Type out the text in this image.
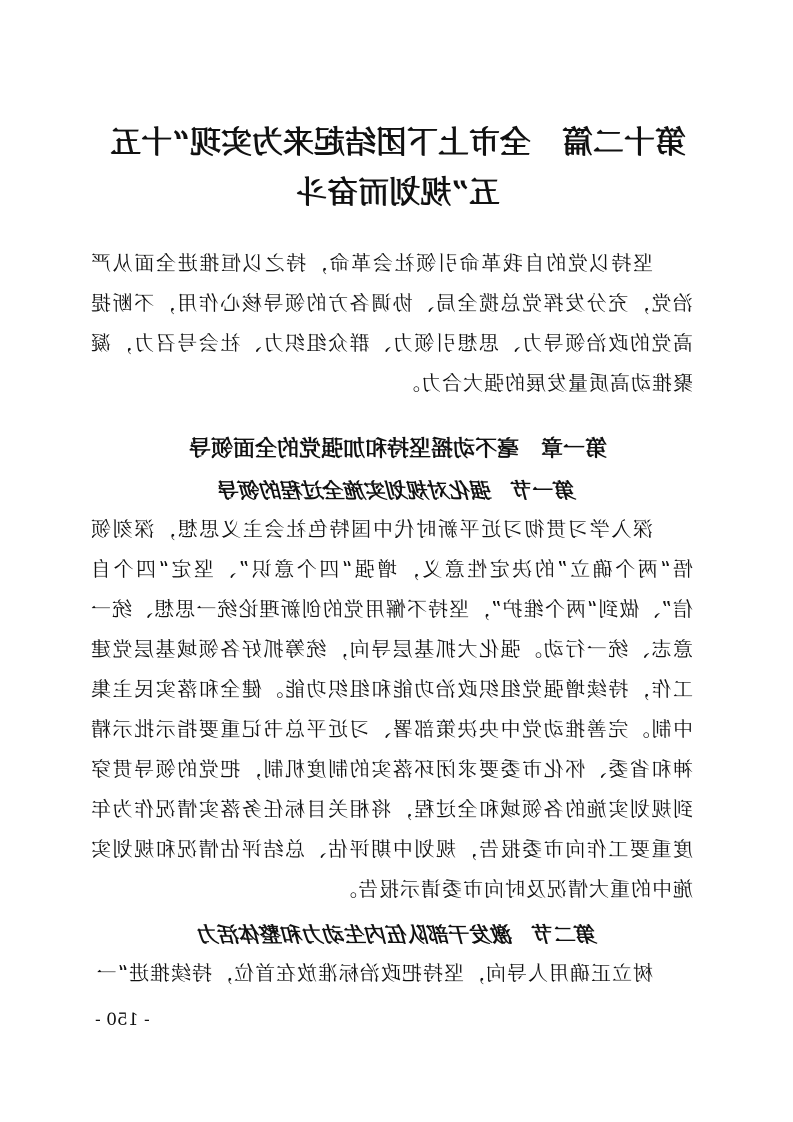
第十二篇　全市上下团结起来为实现“十五五”规划而奋斗

坚持以党的自我革命引领社会革命，持之以恒推进全面从严治党，充分发挥党总揽全局、协调各方的领导核心作用，不断提高党的政治领导力、思想引领力、群众组织力、社会号召力，凝聚推动高质量发展的强大合力。

第一章　毫不动摇坚持和加强党的全面领导
第一节　强化对规划实施全过程的领导

深入学习贯彻习近平新时代中国特色社会主义思想，深刻领悟“两个确立”的决定性意义，增强“四个意识”、坚定“四个自信”、做到“两个维护”，坚持不懈用党的创新理论统一思想、统一意志、统一行动。强化大抓基层导向，统筹抓好各领域基层党建工作，持续增强党组织政治功能和组织功能。健全和落实民主集中制。完善推动党中央决策部署、习近平总书记重要指示批示精神和省委、怀化市委要求闭环落实的制度机制，把党的领导贯穿到规划实施的各领域和全过程，将相关目标任务落实情况作为年度重要工作向市委报告，规划中期评估、总结评估情况和规划实施中的重大情况及时向市委请示报告。

第二节　激发干部队伍内生动力和整体活力

树立正确用人导向，坚持把政治标准放在首位，持续推进“一

- 150 -
